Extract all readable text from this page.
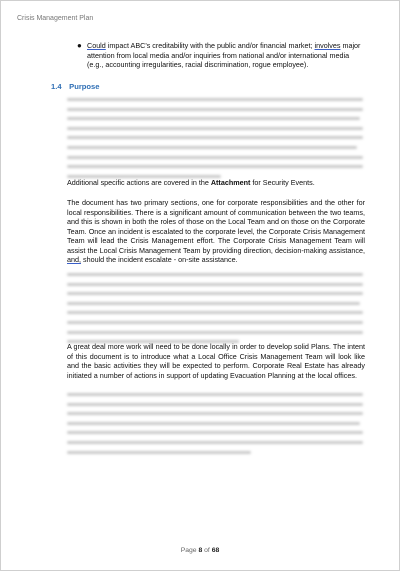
Crisis Management Plan
● Could impact ABC's creditability with the public and/or financial market; involves major attention from local media and/or inquiries from national and/or international media (e.g., accounting irregularities, racial discrimination, rogue employee).
1.4 Purpose
Additional specific actions are covered in the Attachment for Security Events.
The document has two primary sections, one for corporate responsibilities and the other for local responsibilities. There is a significant amount of communication between the two teams, and this is shown in both the roles of those on the Local Team and on those on the Corporate Team. Once an incident is escalated to the corporate level, the Corporate Crisis Management Team will lead the Crisis Management effort. The Corporate Crisis Management Team will assist the Local Crisis Management Team by providing direction, decision-making assistance, and, should the incident escalate - on-site assistance.
A great deal more work will need to be done locally in order to develop solid Plans. The intent of this document is to introduce what a Local Office Crisis Management Team will look like and the basic activities they will be expected to perform. Corporate Real Estate has already initiated a number of actions in support of updating Evacuation Planning at the local offices.
Page 8 of 68
